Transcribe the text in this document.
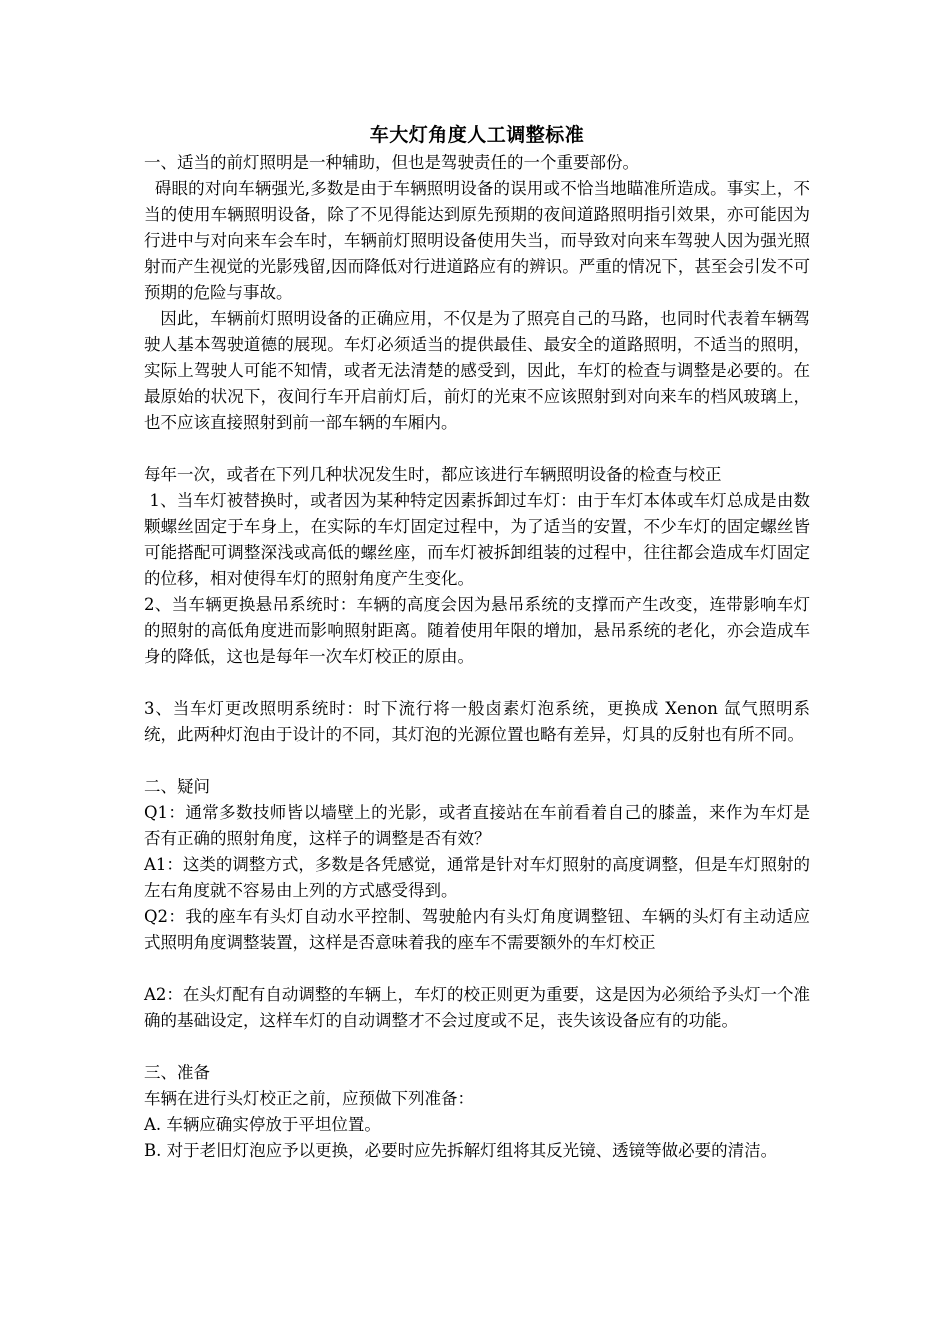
车大灯角度人工调整标准

一、适当的前灯照明是一种辅助，但也是驾驶责任的一个重要部份。

碍眼的对向车辆强光,多数是由于车辆照明设备的误用或不恰当地瞄准所造成。事实上，不当的使用车辆照明设备，除了不见得能达到原先预期的夜间道路照明指引效果，亦可能因为行进中与对向来车会车时，车辆前灯照明设备使用失当，而导致对向来车驾驶人因为强光照射而产生视觉的光影残留,因而降低对行进道路应有的辨识。严重的情况下，甚至会引发不可预期的危险与事故。

因此，车辆前灯照明设备的正确应用，不仅是为了照亮自己的马路，也同时代表着车辆驾驶人基本驾驶道德的展现。车灯必须适当的提供最佳、最安全的道路照明，不适当的照明，实际上驾驶人可能不知情，或者无法清楚的感受到，因此，车灯的检查与调整是必要的。在最原始的状况下，夜间行车开启前灯后，前灯的光束不应该照射到对向来车的档风玻璃上，也不应该直接照射到前一部车辆的车厢内。

每年一次，或者在下列几种状况发生时，都应该进行车辆照明设备的检查与校正

1、当车灯被替换时，或者因为某种特定因素拆卸过车灯：由于车灯本体或车灯总成是由数颗螺丝固定于车身上，在实际的车灯固定过程中，为了适当的安置，不少车灯的固定螺丝皆可能搭配可调整深浅或高低的螺丝座，而车灯被拆卸组装的过程中，往往都会造成车灯固定的位移，相对使得车灯的照射角度产生变化。

2、当车辆更换悬吊系统时：车辆的高度会因为悬吊系统的支撑而产生改变，连带影响车灯的照射的高低角度进而影响照射距离。随着使用年限的增加，悬吊系统的老化，亦会造成车身的降低，这也是每年一次车灯校正的原由。

3、当车灯更改照明系统时：时下流行将一般卤素灯泡系统，更换成 Xenon 氙气照明系统，此两种灯泡由于设计的不同，其灯泡的光源位置也略有差异，灯具的反射也有所不同。

二、疑问

Q1：通常多数技师皆以墙壁上的光影，或者直接站在车前看着自己的膝盖，来作为车灯是否有正确的照射角度，这样子的调整是否有效？

A1：这类的调整方式，多数是各凭感觉，通常是针对车灯照射的高度调整，但是车灯照射的左右角度就不容易由上列的方式感受得到。

Q2：我的座车有头灯自动水平控制、驾驶舱内有头灯角度调整钮、车辆的头灯有主动适应式照明角度调整装置，这样是否意味着我的座车不需要额外的车灯校正

A2：在头灯配有自动调整的车辆上，车灯的校正则更为重要，这是因为必须给予头灯一个准确的基础设定，这样车灯的自动调整才不会过度或不足，丧失该设备应有的功能。

三、准备

车辆在进行头灯校正之前，应预做下列准备：

A. 车辆应确实停放于平坦位置。

B. 对于老旧灯泡应予以更换，必要时应先拆解灯组将其反光镜、透镜等做必要的清洁。
